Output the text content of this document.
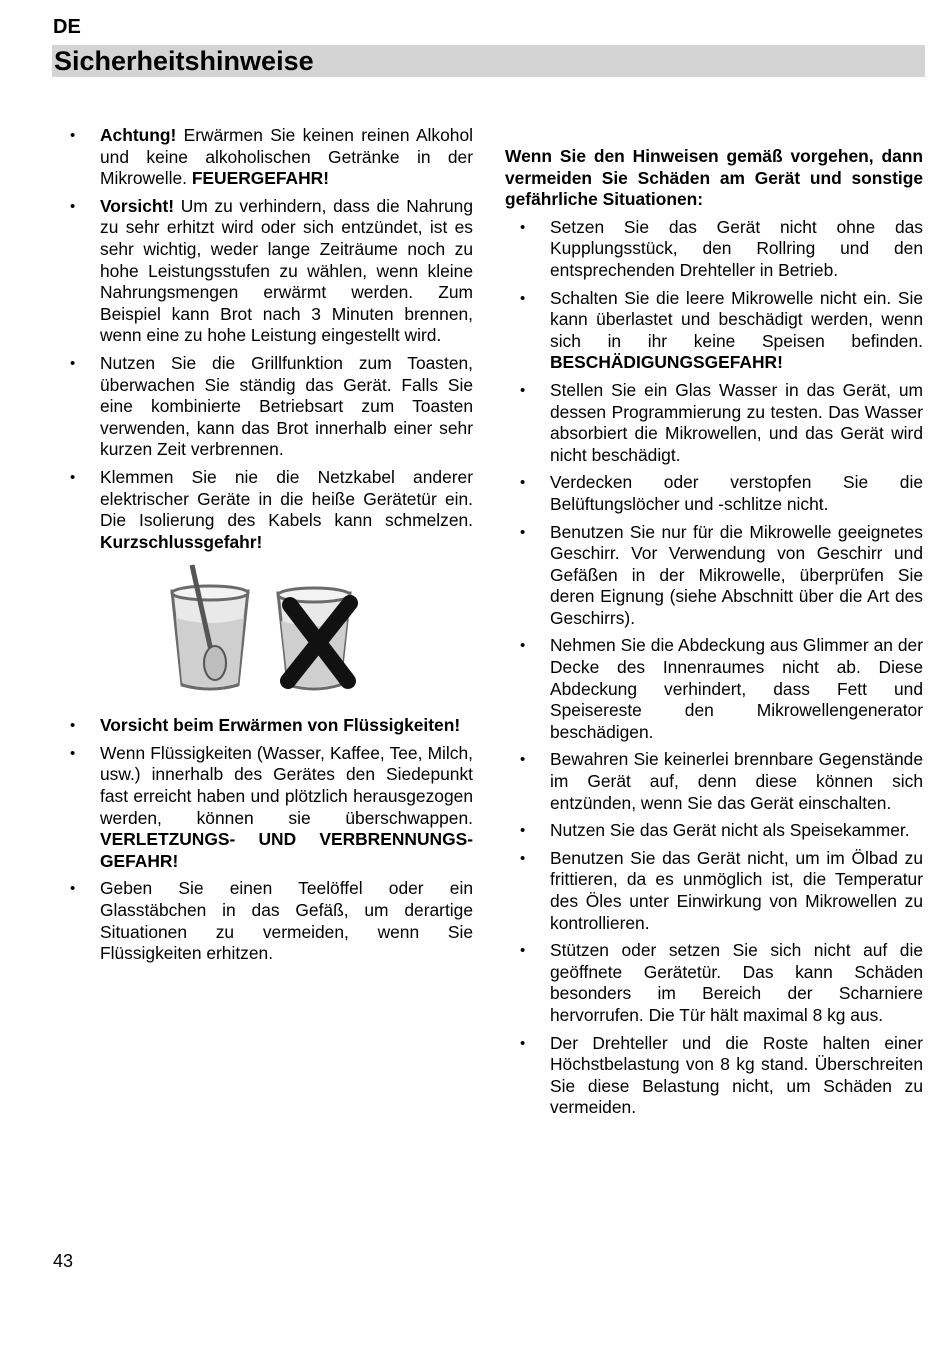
DE
Sicherheitshinweise
• Achtung! Erwärmen Sie keinen reinen Alkohol und keine alkoholischen Getränke in der Mikrowelle. FEUERGEFAHR!
• Vorsicht! Um zu verhindern, dass die Nahrung zu sehr erhitzt wird oder sich entzündet, ist es sehr wichtig, weder lange Zeiträume noch zu hohe Leistungsstufen zu wählen, wenn kleine Nahrungsmengen erwärmt werden. Zum Beispiel kann Brot nach 3 Minuten brennen, wenn eine zu hohe Leistung eingestellt wird.
• Nutzen Sie die Grillfunktion zum Toasten, überwachen Sie ständig das Gerät. Falls Sie eine kombinierte Betriebsart zum Toasten verwenden, kann das Brot innerhalb einer sehr kurzen Zeit verbrennen.
• Klemmen Sie nie die Netzkabel anderer elektrischer Geräte in die heiße Gerätetür ein. Die Isolierung des Kabels kann schmelzen. Kurzschlussgefahr!
• Vorsicht beim Erwärmen von Flüssigkeiten!
• Wenn Flüssigkeiten (Wasser, Kaffee, Tee, Milch, usw.) innerhalb des Gerätes den Siedepunkt fast erreicht haben und plötzlich herausgezogen werden, können sie überschwappen. VERLETZUNGS- UND VERBRENNUNGS-GEFAHR!
• Geben Sie einen Teelöffel oder ein Glasstäbchen in das Gefäß, um derartige Situationen zu vermeiden, wenn Sie Flüssigkeiten erhitzen.
Wenn Sie den Hinweisen gemäß vorgehen, dann vermeiden Sie Schäden am Gerät und sonstige gefährliche Situationen:
• Setzen Sie das Gerät nicht ohne das Kupplungsstück, den Rollring und den entsprechenden Drehteller in Betrieb.
• Schalten Sie die leere Mikrowelle nicht ein. Sie kann überlastet und beschädigt werden, wenn sich in ihr keine Speisen befinden. BESCHÄDIGUNGSGEFAHR!
• Stellen Sie ein Glas Wasser in das Gerät, um dessen Programmierung zu testen. Das Wasser absorbiert die Mikrowellen, und das Gerät wird nicht beschädigt.
• Verdecken oder verstopfen Sie die Belüftungslöcher und -schlitze nicht.
• Benutzen Sie nur für die Mikrowelle geeignetes Geschirr. Vor Verwendung von Geschirr und Gefäßen in der Mikrowelle, überprüfen Sie deren Eignung (siehe Abschnitt über die Art des Geschirrs).
• Nehmen Sie die Abdeckung aus Glimmer an der Decke des Innenraumes nicht ab. Diese Abdeckung verhindert, dass Fett und Speisereste den Mikrowellengenerator beschädigen.
• Bewahren Sie keinerlei brennbare Gegenstände im Gerät auf, denn diese können sich entzünden, wenn Sie das Gerät einschalten.
• Nutzen Sie das Gerät nicht als Speisekammer.
• Benutzen Sie das Gerät nicht, um im Ölbad zu frittieren, da es unmöglich ist, die Temperatur des Öles unter Einwirkung von Mikrowellen zu kontrollieren.
• Stützen oder setzen Sie sich nicht auf die geöffnete Gerätetür. Das kann Schäden besonders im Bereich der Scharniere hervorrufen. Die Tür hält maximal 8 kg aus.
• Der Drehteller und die Roste halten einer Höchstbelastung von 8 kg stand. Überschreiten Sie diese Belastung nicht, um Schäden zu vermeiden.
43
